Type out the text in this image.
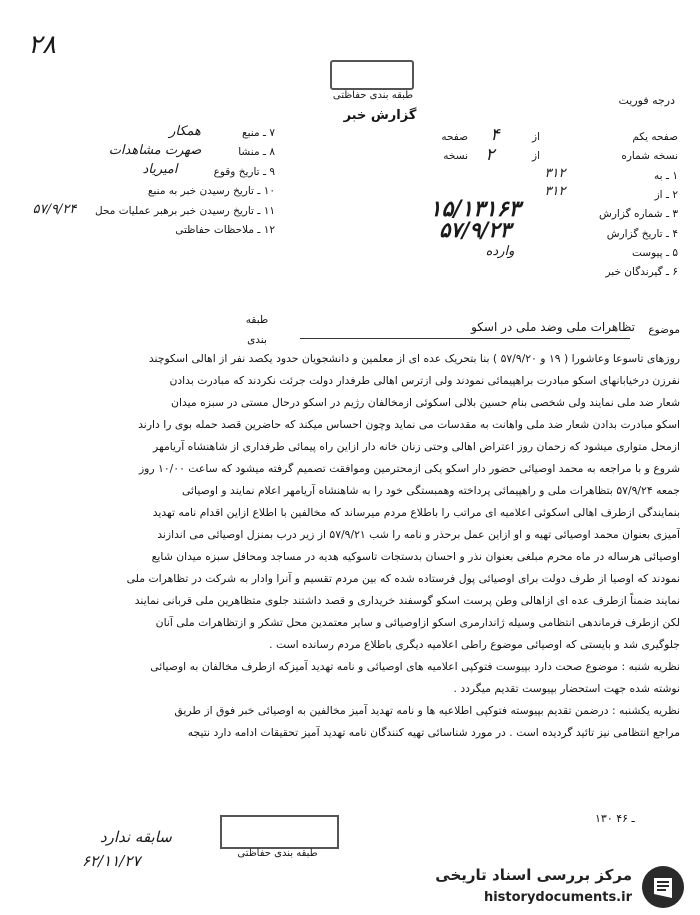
۲۸
طبقه بندی حفاظتی
گزارش خبر
درجه فوریت
۷ ـ منبع
همکار
۸ ـ منشا
صهرت مشاهدات
۹ ـ تاریخ وقوع
امیریاد
۱۰ ـ تاریخ رسیدن خبر به منبع
۱۱ ـ تاریخ رسیدن خبر برهبر عملیات محل
۵۷/۹/۲۴
۱۲ ـ ملاحظات حفاظتی
صفحه یکم
از
۴
صفحه
نسخه شماره
از
۲
نسخه
۱ ـ به
۳۱۲
۲ ـ از
۳۱۲
۳ ـ شماره گزارش
۱۵/۱۳۱۶۳
۴ ـ تاریخ گزارش
۵۷/۹/۲۳
۵ ـ پیوست
وارده
۶ ـ گیرندگان خبر
طبقه
بندی
موضوع
تظاهرات ملی وضد ملی در اسکو
روزهای تاسوعا وعاشورا ( ۱۹ و ۵۷/۹/۲۰ ) بنا بتحریک عده ای از معلمین و دانشجویان حدود یکصد نفر از اهالی اسکوچند
نفرزن درخیابانهای اسکو مبادرت براهپیمائی نمودند ولی ازترس اهالی طرفدار دولت جرئت نکردند که مبادرت بدادن
شعار ضد ملی نمایند ولی شخصی بنام حسین بلالی اسکوئی ازمخالفان رژیم در اسکو درحال مستی در سبزه میدان
اسکو مبادرت بدادن شعار ضد ملی واهانت به مقدسات می نماید وچون احساس میکند که حاضرین قصد حمله بوی را دارند
ازمحل متواری میشود که زحمان روز اعتراض اهالی وحتی زنان خانه دار ازاین راه پیمائی طرفداری از شاهنشاه آریامهر
شروع و با مراجعه به محمد اوصیائی حضور دار اسکو یکی ازمحترمین وموافقت تصمیم گرفته میشود که ساعت ۱۰/۰۰ روز
جمعه ۵۷/۹/۲۴ بتظاهرات ملی و راهپیمائی پرداخته وهمبستگی خود را به شاهنشاه آریامهر اعلام نمایند و اوصیائی
بنمایندگی ازطرف اهالی اسکوئی اعلامیه ای مراتب را باطلاع مردم میرساند که مخالفین با اطلاع ازاین اقدام نامه تهدید
آمیزی بعنوان محمد اوصیائی تهیه و او ازاین عمل برحذر و نامه را شب ۵۷/۹/۲۱ از زیر درب بمنزل اوصیائی می اندازند
اوصیائی هرساله در ماه محرم مبلغی بعنوان نذر و احسان بدستجات تاسوکیه هدیه در مساجد ومحافل سبزه میدان شایع
نمودند که اوصیا از طرف دولت برای اوصیائی پول فرستاده شده که بین مردم تقسیم و آنرا وادار به شرکت در تظاهرات ملی
نمایند ضمناً ازطرف عده ای ازاهالی وطن پرست اسکو گوسفند خریداری و قصد داشتند جلوی متظاهرین ملی قربانی نمایند
لکن ازطرف فرماندهی انتظامی وسیله ژاندارمری اسکو ازاوصیائی و سایر معتمدین محل تشکر و ازتظاهرات ملی آنان
جلوگیری شد و بایستی که اوصیائی موضوع راطی اعلامیه دیگری باطلاع مردم رسانده است .
نظریه شنبه : موضوع صحت دارد بپیوست فتوکپی اعلامیه های اوصیائی و نامه تهدید آمیزکه ازطرف مخالفان به اوصیائی
نوشته شده جهت استحضار بپیوست تقدیم میگردد .
نظریه یکشنبه : درضمن تقدیم بپیوسته فتوکپی اطلاعیه ها و نامه تهدید آمیز مخالفین به اوصیائی خبر فوق از طریق
مراجع انتظامی نیز تائید گردیده است . در مورد شناسائی تهیه کنندگان نامه تهدید آمیز تحقیقات ادامه دارد نتیجه
۱۳۰ ـ ۴۶
طبقه بندی حفاظتی
سابقه ندارد
۶۲/۱۱/۲۷
مرکز بررسی اسناد تاریخی
historydocuments.ir
